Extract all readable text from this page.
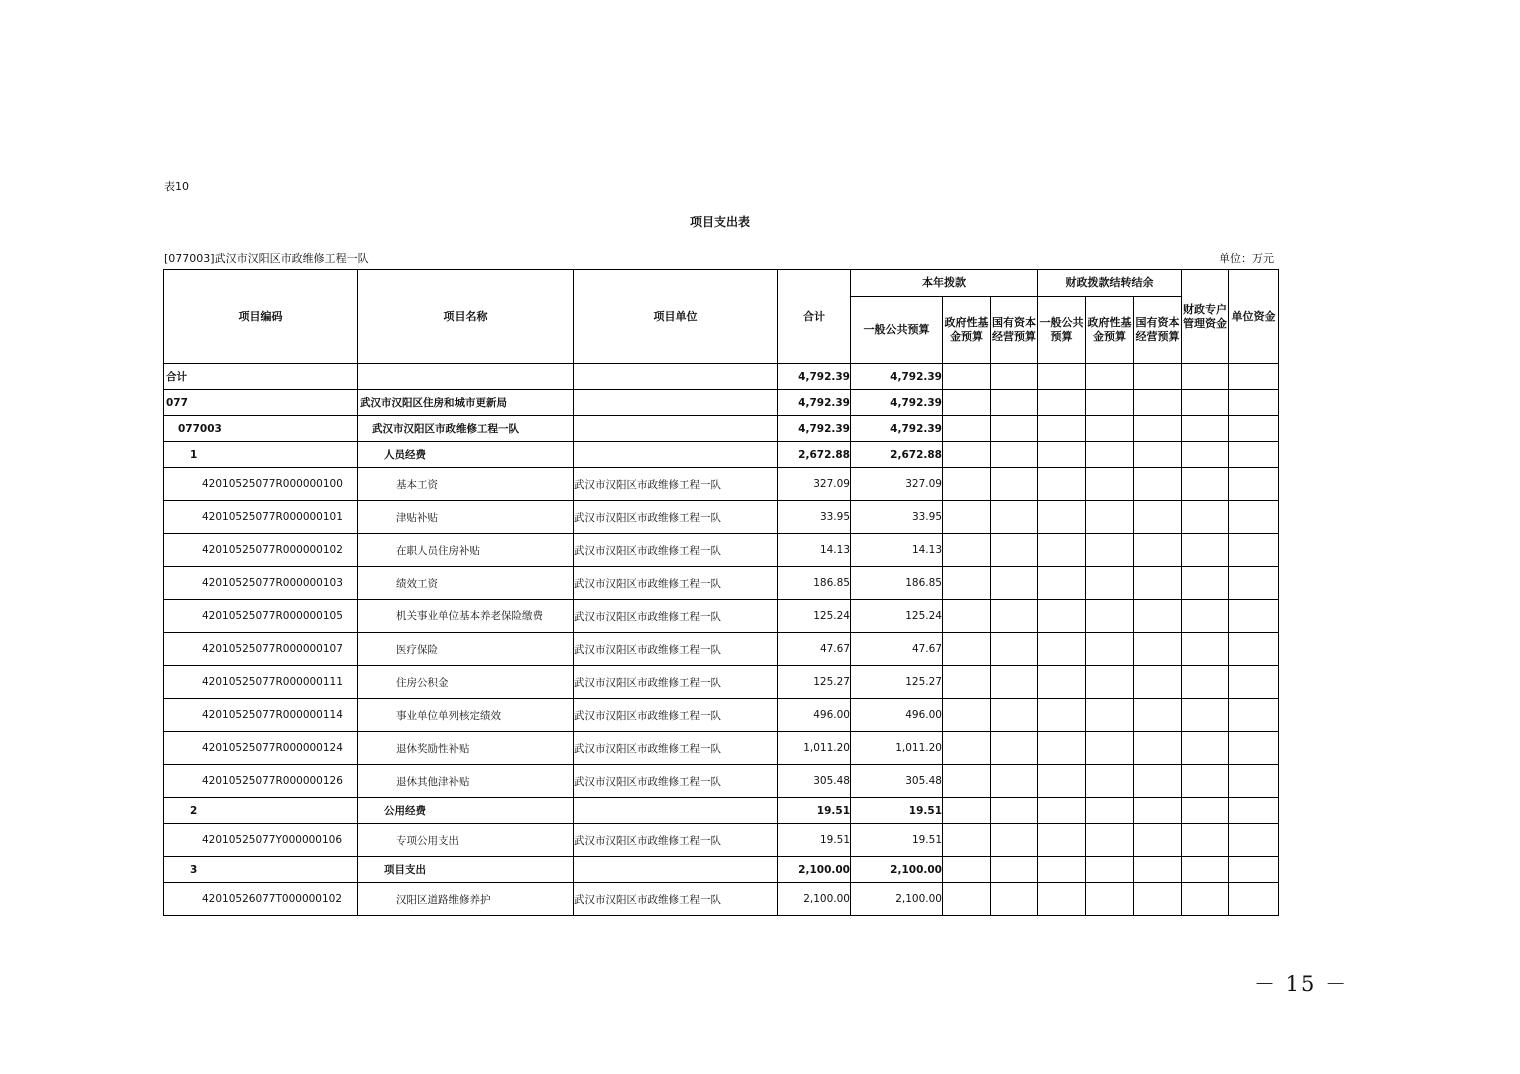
表10
项目支出表
[077003]武汉市汉阳区市政维修工程一队	单位：万元
项目编码	项目名称	项目单位	合计	本年拨款			财政拨款结转结余			财政专户管理资金	单位资金
				一般公共预算	政府性基金预算	国有资本经营预算	一般公共预算	政府性基金预算	国有资本经营预算		
合计			4,792.39	4,792.39							
077	武汉市汉阳区住房和城市更新局		4,792.39	4,792.39							
077003	武汉市汉阳区市政维修工程一队		4,792.39	4,792.39							
1	人员经费		2,672.88	2,672.88							
42010525077R000000100	基本工资	武汉市汉阳区市政维修工程一队	327.09	327.09							
42010525077R000000101	津贴补贴	武汉市汉阳区市政维修工程一队	33.95	33.95							
42010525077R000000102	在职人员住房补贴	武汉市汉阳区市政维修工程一队	14.13	14.13							
42010525077R000000103	绩效工资	武汉市汉阳区市政维修工程一队	186.85	186.85							
42010525077R000000105	机关事业单位基本养老保险缴费	武汉市汉阳区市政维修工程一队	125.24	125.24							
42010525077R000000107	医疗保险	武汉市汉阳区市政维修工程一队	47.67	47.67							
42010525077R000000111	住房公积金	武汉市汉阳区市政维修工程一队	125.27	125.27							
42010525077R000000114	事业单位单列核定绩效	武汉市汉阳区市政维修工程一队	496.00	496.00							
42010525077R000000124	退休奖励性补贴	武汉市汉阳区市政维修工程一队	1,011.20	1,011.20							
42010525077R000000126	退休其他津补贴	武汉市汉阳区市政维修工程一队	305.48	305.48							
2	公用经费		19.51	19.51							
42010525077Y000000106	专项公用支出	武汉市汉阳区市政维修工程一队	19.51	19.51							
3	项目支出		2,100.00	2,100.00							
42010526077T000000102	汉阳区道路维修养护	武汉市汉阳区市政维修工程一队	2,100.00	2,100.00							
－ 15 －
